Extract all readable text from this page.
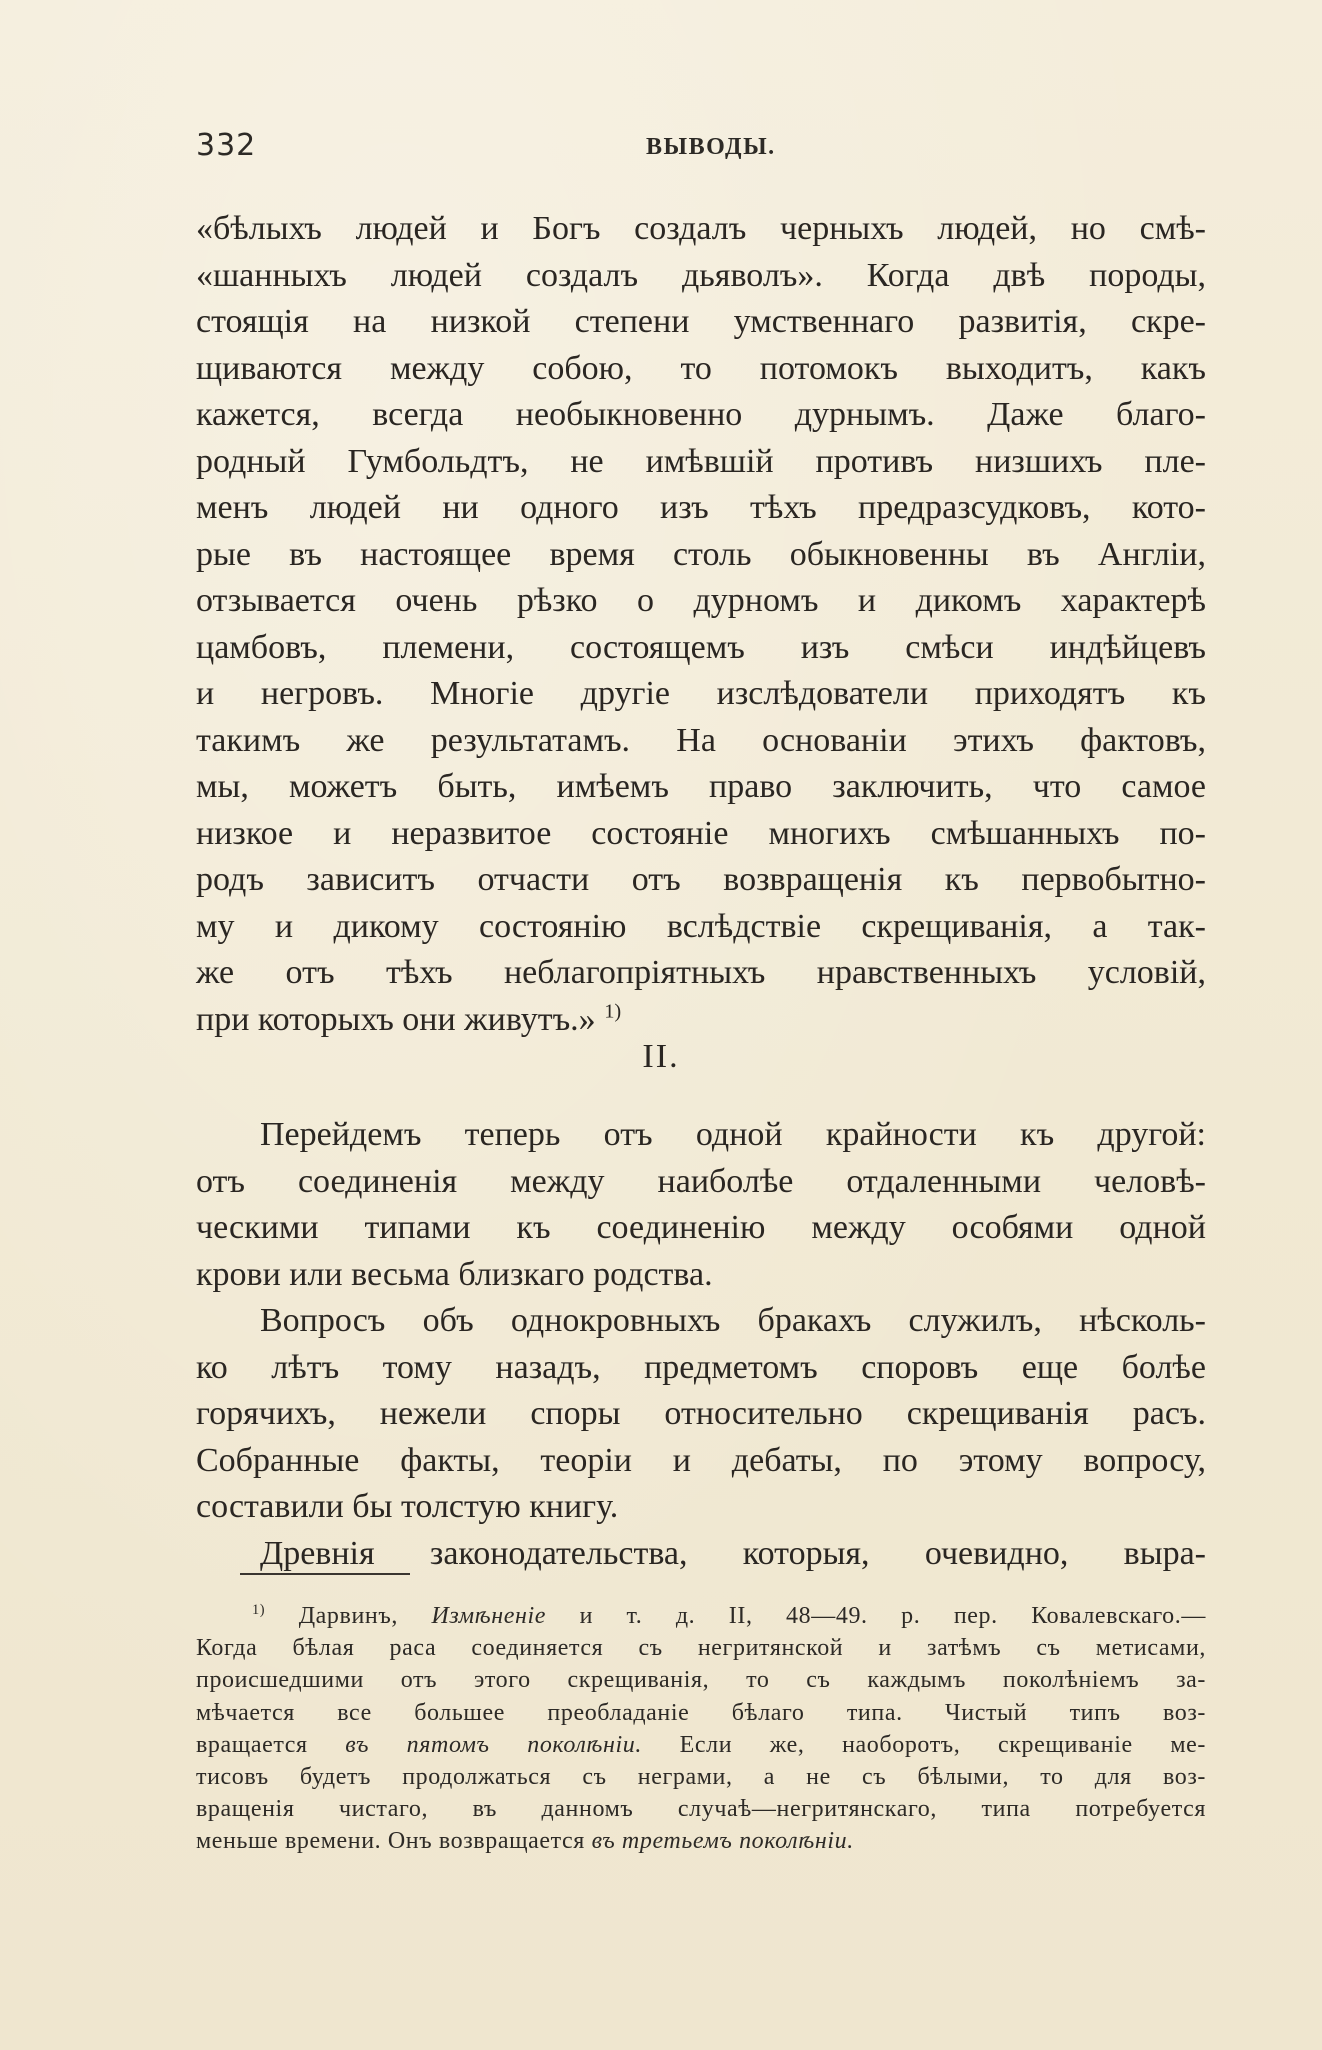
332	ВЫВОДЫ.
«бѣлыхъ людей и Богъ создалъ черныхъ людей, но смѣ-
«шанныхъ людей создалъ дьяволъ». Когда двѣ породы,
стоящія на низкой степени умственнаго развитія, скре-
щиваются между собою, то потомокъ выходитъ, какъ
кажется, всегда необыкновенно дурнымъ. Даже благо-
родный Гумбольдтъ, не имѣвшій противъ низшихъ пле-
менъ людей ни одного изъ тѣхъ предразсудковъ, кото-
рые въ настоящее время столь обыкновенны въ Англіи,
отзывается очень рѣзко о дурномъ и дикомъ характерѣ
цамбовъ, племени, состоящемъ изъ смѣси индѣйцевъ
и негровъ. Многіе другіе изслѣдователи приходятъ къ
такимъ же результатамъ. На основаніи этихъ фактовъ,
мы, можетъ быть, имѣемъ право заключить, что самое
низкое и неразвитое состояніе многихъ смѣшанныхъ по-
родъ зависитъ отчасти отъ возвращенія къ первобытно-
му и дикому состоянію вслѣдствіе скрещиванія, а так-
же отъ тѣхъ неблагопріятныхъ нравственныхъ условій,
при которыхъ они живутъ.» $^{1)}$
II.
Перейдемъ теперь отъ одной крайности къ другой:
отъ соединенія между наиболѣе отдаленными человѣ-
ческими типами къ соединенію между особями одной
крови или весьма близкаго родства.
Вопросъ объ однокровныхъ бракахъ служилъ, нѣсколь-
ко лѣтъ тому назадъ, предметомъ споровъ еще болѣе
горячихъ, нежели споры относительно скрещиванія расъ.
Собранные факты, теоріи и дебаты, по этому вопросу,
составили бы толстую книгу.
Древнія законодательства, которыя, очевидно, выра-
$^{1)}$ Дарвинъ, Измѣненіе и т. д. II, 48—49. р. пер. Ковалевскаго.—
Когда бѣлая раса соединяется съ негритянской и затѣмъ съ метисами,
происшедшими отъ этого скрещиванія, то съ каждымъ поколѣніемъ за-
мѣчается все большее преобладаніе бѣлаго типа. Чистый типъ воз-
вращается въ пятомъ поколѣніи. Если же, наоборотъ, скрещиваніе ме-
тисовъ будетъ продолжаться съ неграми, а не съ бѣлыми, то для воз-
вращенія чистаго, въ данномъ случаѣ—негритянскаго, типа потребуется
меньше времени. Онъ возвращается въ третьемъ поколѣніи.
